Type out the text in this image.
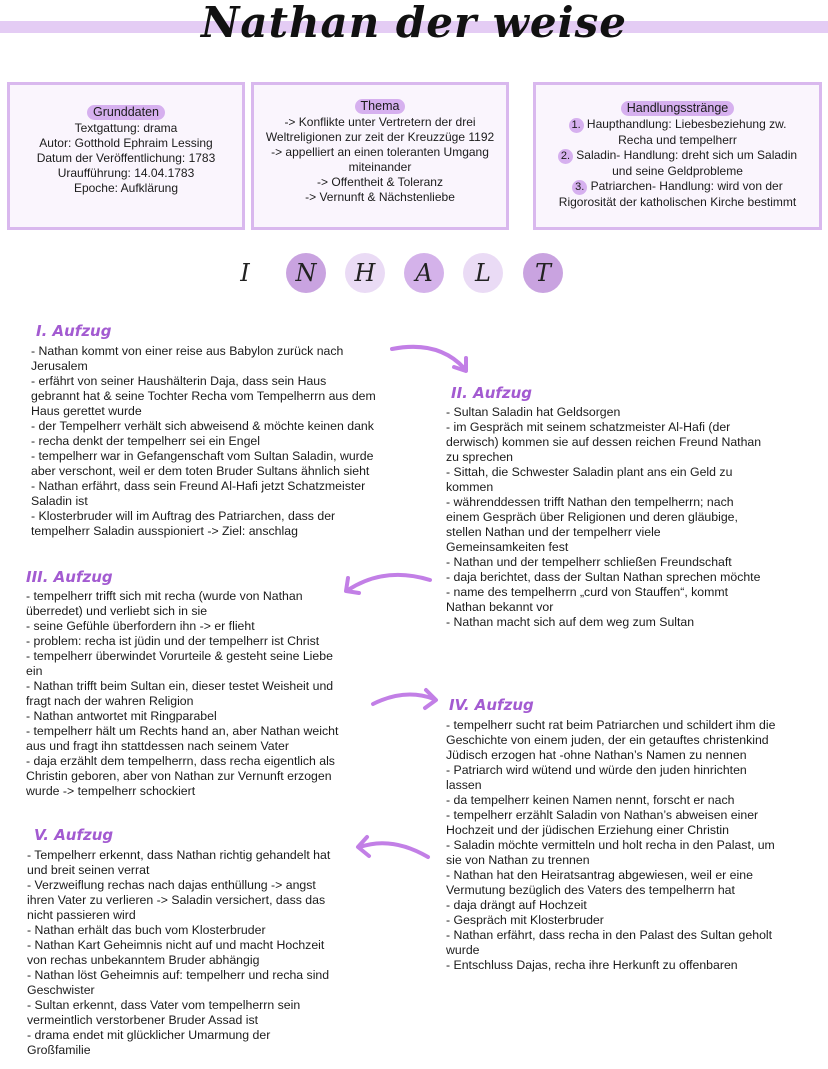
Nathan der weise
Grunddaten
Textgattung: drama
Autor: Gotthold Ephraim Lessing
Datum der Veröffentlichung: 1783
Uraufführung: 14.04.1783
Epoche: Aufklärung
Thema
-> Konflikte unter Vertretern der drei
Weltreligionen zur zeit der Kreuzzüge 1192
-> appelliert an einen toleranten Umgang
miteinander
-> Offentheit & Toleranz
-> Vernunft & Nächstenliebe
Handlungsstränge
1. Haupthandlung: Liebesbeziehung zw.
Recha und tempelherr
2. Saladin- Handlung: dreht sich um Saladin
und seine Geldprobleme
3. Patriarchen- Handlung: wird von der
Rigorosität der katholischen Kirche bestimmt
I	N	H	A	L	T
I. Aufzug
- Nathan kommt von einer reise aus Babylon zurück nach
Jerusalem
- erfährt von seiner Haushälterin Daja, dass sein Haus
gebrannt hat & seine Tochter Recha vom Tempelherrn aus dem
Haus gerettet wurde
- der Tempelherr verhält sich abweisend & möchte keinen dank
- recha denkt der tempelherr sei ein Engel
- tempelherr war in Gefangenschaft vom Sultan Saladin, wurde
aber verschont, weil er dem toten Bruder Sultans ähnlich sieht
- Nathan erfährt, dass sein Freund Al-Hafi jetzt Schatzmeister
Saladin ist
- Klosterbruder will im Auftrag des Patriarchen, dass der
tempelherr Saladin ausspioniert -> Ziel: anschlag
II. Aufzug
- Sultan Saladin hat Geldsorgen
- im Gespräch mit seinem schatzmeister Al-Hafi (der
derwisch) kommen sie auf dessen reichen Freund Nathan
zu sprechen
- Sittah, die Schwester Saladin plant ans ein Geld zu
kommen
- währenddessen trifft Nathan den tempelherrn; nach
einem Gespräch über Religionen und deren gläubige,
stellen Nathan und der tempelherr viele
Gemeinsamkeiten fest
- Nathan und der tempelherr schließen Freundschaft
- daja berichtet, dass der Sultan Nathan sprechen möchte
- name des tempelherrn „curd von Stauffen“, kommt
Nathan bekannt vor
- Nathan macht sich auf dem weg zum Sultan
III. Aufzug
- tempelherr trifft sich mit recha (wurde von Nathan
überredet) und verliebt sich in sie
- seine Gefühle überfordern ihn -> er flieht
- problem: recha ist jüdin und der tempelherr ist Christ
- tempelherr überwindet Vorurteile & gesteht seine Liebe
ein
- Nathan trifft beim Sultan ein, dieser testet Weisheit und
fragt nach der wahren Religion
- Nathan antwortet mit Ringparabel
- tempelherr hält um Rechts hand an, aber Nathan weicht
aus und fragt ihn stattdessen nach seinem Vater
- daja erzählt dem tempelherrn, dass recha eigentlich als
Christin geboren, aber von Nathan zur Vernunft erzogen
wurde -> tempelherr schockiert
IV. Aufzug
- tempelherr sucht rat beim Patriarchen und schildert ihm die
Geschichte von einem juden, der ein getauftes christenkind
Jüdisch erzogen hat -ohne Nathan’s Namen zu nennen
- Patriarch wird wütend und würde den juden hinrichten
lassen
- da tempelherr keinen Namen nennt, forscht er nach
- tempelherr erzählt Saladin von Nathan’s abweisen einer
Hochzeit und der jüdischen Erziehung einer Christin
- Saladin möchte vermitteln und holt recha in den Palast, um
sie von Nathan zu trennen
- Nathan hat den Heiratsantrag abgewiesen, weil er eine
Vermutung bezüglich des Vaters des tempelherrn hat
- daja drängt auf Hochzeit
- Gespräch mit Klosterbruder
- Nathan erfährt, dass recha in den Palast des Sultan geholt
wurde
- Entschluss Dajas, recha ihre Herkunft zu offenbaren
V. Aufzug
- Tempelherr erkennt, dass Nathan richtig gehandelt hat
und breit seinen verrat
- Verzweiflung rechas nach dajas enthüllung -> angst
ihren Vater zu verlieren -> Saladin versichert, dass das
nicht passieren wird
- Nathan erhält das buch vom Klosterbruder
- Nathan Kart Geheimnis nicht auf und macht Hochzeit
von rechas unbekanntem Bruder abhängig
- Nathan löst Geheimnis auf: tempelherr und recha sind
Geschwister
- Sultan erkennt, dass Vater vom tempelherrn sein
vermeintlich verstorbener Bruder Assad ist
- drama endet mit glücklicher Umarmung der
Großfamilie
